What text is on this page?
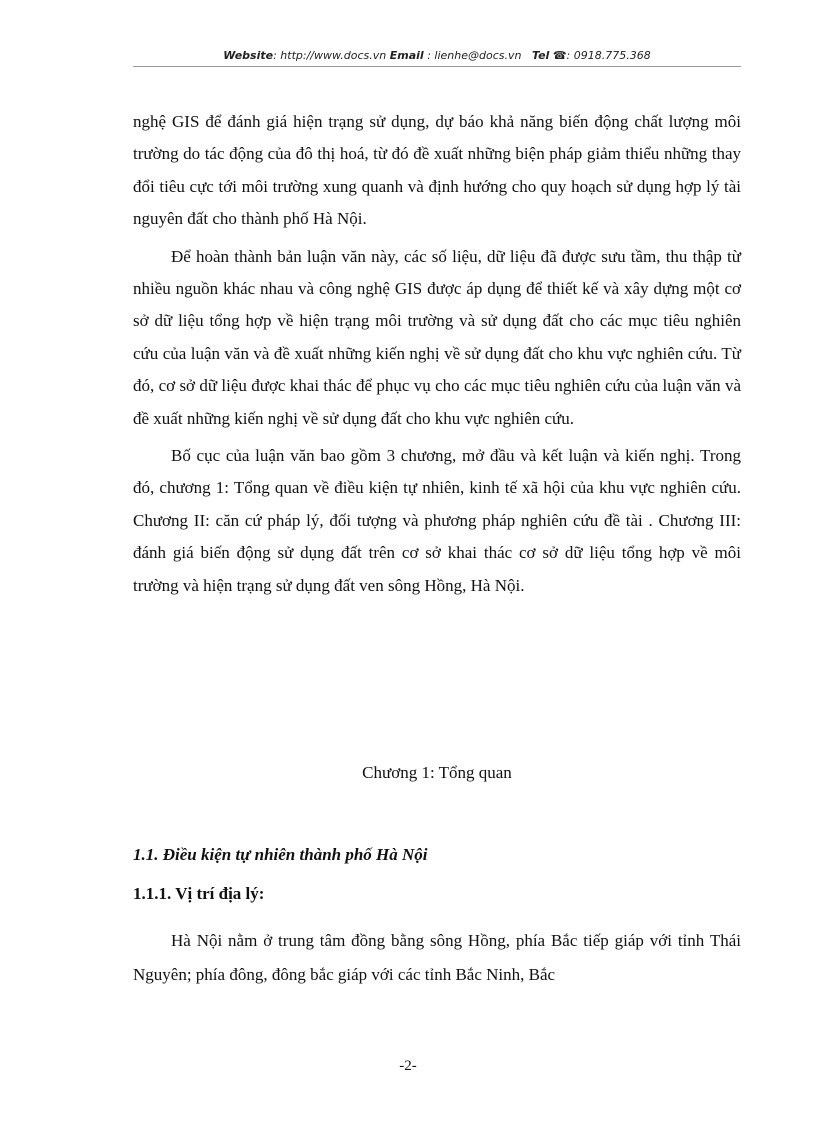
Website: http://www.docs.vn Email : lienhe@docs.vn Tel ☎: 0918.775.368

nghệ GIS để đánh giá hiện trạng sử dụng, dự báo khả năng biến động chất lượng môi trường do tác động của đô thị hoá, từ đó đề xuất những biện pháp giảm thiểu những thay đổi tiêu cực tới môi trường xung quanh và định hướng cho quy hoạch sử dụng hợp lý tài nguyên đất cho thành phố Hà Nội.

Để hoàn thành bản luận văn này, các số liệu, dữ liệu đã được sưu tầm, thu thập từ nhiều nguồn khác nhau và công nghệ GIS được áp dụng để thiết kế và xây dựng một cơ sở dữ liệu tổng hợp về hiện trạng môi trường và sử dụng đất cho các mục tiêu nghiên cứu của luận văn và đề xuất những kiến nghị về sử dụng đất cho khu vực nghiên cứu. Từ đó, cơ sở dữ liệu được khai thác để phục vụ cho các mục tiêu nghiên cứu của luận văn và đề xuất những kiến nghị về sử dụng đất cho khu vực nghiên cứu.

Bố cục của luận văn bao gồm 3 chương, mở đầu và kết luận và kiến nghị. Trong đó, chương 1: Tổng quan về điều kiện tự nhiên, kinh tế xã hội của khu vực nghiên cứu. Chương II: căn cứ pháp lý, đối tượng và phương pháp nghiên cứu đề tài . Chương III: đánh giá biến động sử dụng đất trên cơ sở khai thác cơ sở dữ liệu tổng hợp về môi trường và hiện trạng sử dụng đất ven sông Hồng, Hà Nội.

Chương 1: Tổng quan
1.1. Điều kiện tự nhiên thành phố Hà Nội
1.1.1. Vị trí địa lý:

Hà Nội nằm ở trung tâm đồng bằng sông Hồng, phía Bắc tiếp giáp với tỉnh Thái Nguyên; phía đông, đông bắc giáp với các tỉnh Bắc Ninh, Bắc

-2-
